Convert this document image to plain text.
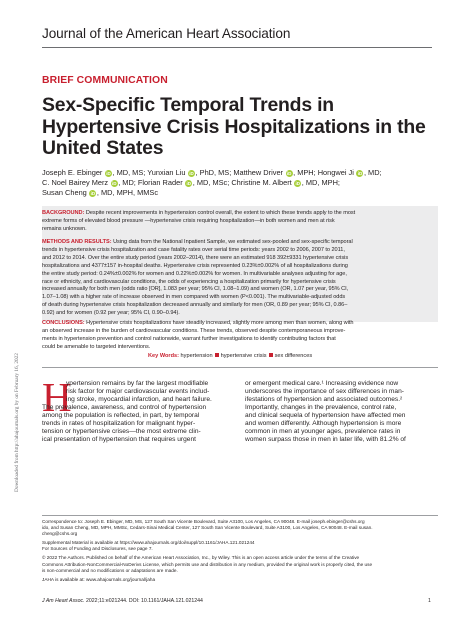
Journal of the American Heart Association
BRIEF COMMUNICATION
Sex-Specific Temporal Trends in
Hypertensive Crisis Hospitalizations in the
United States
Joseph E. Ebinger iD , MD, MS; Yunxian Liu iD , PhD, MS; Matthew Driver iD , MPH; Hongwei Ji iD , MD;
C. Noel Bairey Merz iD , MD; Florian Rader iD , MD, MSc; Christine M. Albert iD , MD, MPH;
Susan Cheng iD , MD, MPH, MMSc
Downloaded from http://ahajournals.org by on February 16, 2022
BACKGROUND: Despite recent improvements in hypertension control overall, the extent to which these trends apply to the most
extreme forms of elevated blood pressure —hypertensive crisis requiring hospitalization—in both women and men at risk
remains unknown.
METHODS AND RESULTS: Using data from the National Inpatient Sample, we estimated sex-pooled and sex-specific temporal
trends in hypertensive crisis hospitalization and case fatality rates over serial time periods: years 2002 to 2006, 2007 to 2011,
and 2012 to 2014. Over the entire study period (years 2002–2014), there were an estimated 918 392±9331 hypertensive crisis
hospitalizations and 4377±157 in-hospital deaths. Hypertensive crisis represented 0.23%±0.002% of all hospitalizations during
the entire study period: 0.24%±0.002% for women and 0.22%±0.002% for women. In multivariable analyses adjusting for age,
race or ethnicity, and cardiovascular conditions, the odds of experiencing a hospitalization primarily for hypertensive crisis
increased annually for both men (odds ratio [OR], 1.083 per year; 95% CI, 1.08–1.09) and women (OR, 1.07 per year, 95% CI,
1.07–1.08) with a higher rate of increase observed in men compared with women (P<0.001). The multivariable-adjusted odds
of death during hypertensive crisis hospitalization decreased annually and similarly for men (OR, 0.89 per year; 95% CI, 0.86–
0.92) and for women (0.92 per year; 95% CI, 0.90–0.94).
CONCLUSIONS: Hypertensive crisis hospitalizations have steadily increased, slightly more among men than women, along with
an observed increase in the burden of cardiovascular conditions. These trends, observed despite contemporaneous improve-
ments in hypertension prevention and control nationwide, warrant further investigations to identify contributing factors that
could be amenable to targeted interventions.
Key Words: hypertension hypertensive crisis sex differences
H
ypertension remains by far the largest modifiable
risk factor for major cardiovascular events includ-
ing stroke, myocardial infarction, and heart failure.
The prevalence, awareness, and control of hypertension
among the population is reflected, in part, by temporal
trends in rates of hospitalization for malignant hyper-
tension or hypertensive crises—the most extreme clin-
ical presentation of hypertension that requires urgent
or emergent medical care.¹ Increasing evidence now
underscores the importance of sex differences in man-
ifestations of hypertension and associated outcomes.²
Importantly, changes in the prevalence, control rate,
and clinical sequela of hypertension have affected men
and women differently. Although hypertension is more
common in men at younger ages, prevalence rates in
women surpass those in men in later life, with 81.2% of
Correspondence to: Joseph E. Ebinger, MD, MS, 127 South San Vicente Boulevard, Suite A3100, Los Angeles, CA 90048. E-mail joseph.ebinger@cshs.org
ido, and Susan Cheng, MD, MPH, MMSc, Cedars-Sinai Medical Center, 127 South San Vicente Boulevard, Suite A3100, Los Angeles, CA 90048. E-mail susan.
cheng@cshs.org
Supplemental Material is available at https://www.ahajournals.org/doi/suppl/10.1161/JAHA.121.021244
For Sources of Funding and Disclosures, see page 7.
© 2022 The Authors. Published on behalf of the American Heart Association, Inc., by Wiley. This is an open access article under the terms of the Creative
Commons Attribution-NonCommercial-NoDerivs License, which permits use and distribution in any medium, provided the original work is properly cited, the use
is non-commercial and no modifications or adaptations are made.
JAHA is available at: www.ahajournals.org/journal/jaha
J Am Heart Assoc. 2022;11:e021244. DOI: 10.1161/JAHA.121.021244	1
